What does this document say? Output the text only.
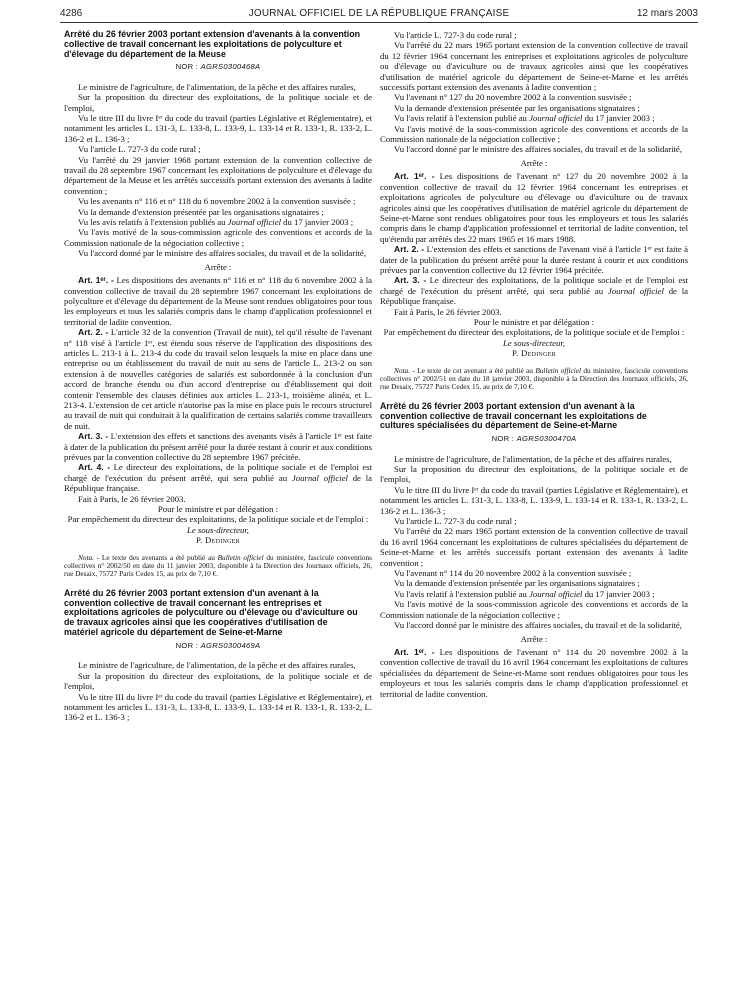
4286	JOURNAL OFFICIEL DE LA RÉPUBLIQUE FRANÇAISE	12 mars 2003
Arrêté du 26 février 2003 portant extension d'avenants à la convention collective de travail concernant les exploitations de polyculture et d'élevage du département de la Meuse
NOR : AGRS0300468A

Le ministre de l'agriculture, de l'alimentation, de la pêche et des affaires rurales,

Sur la proposition du directeur des exploitations, de la politique sociale et de l'emploi,

Vu le titre III du livre Iᵉʳ du code du travail (parties Législative et Réglementaire), et notamment les articles L. 131-3, L. 133-8, L. 133-9, L. 133-14 et R. 133-1, R. 133-2, L. 136-2 et L. 136-3 ;

Vu l'article L. 727-3 du code rural ;

Vu l'arrêté du 29 janvier 1968 portant extension de la convention collective de travail du 28 septembre 1967 concernant les exploitations de polyculture et d'élevage du département de la Meuse et les arrêtés successifs portant extension des avenants à ladite convention ;

Vu les avenants n° 116 et n° 118 du 6 novembre 2002 à la convention susvisée ;

Vu la demande d'extension présentée par les organisations signataires ;

Vu les avis relatifs à l'extension publiés au Journal officiel du 17 janvier 2003 ;

Vu l'avis motivé de la sous-commission agricole des conventions et accords de la Commission nationale de la négociation collective ;

Vu l'accord donné par le ministre des affaires sociales, du travail et de la solidarité,

Arrête :

Art. 1ᵉʳ. - Les dispositions des avenants n° 116 et n° 118 du 6 novembre 2002 à la convention collective de travail du 28 septembre 1967 concernant les exploitations de polyculture et d'élevage du département de la Meuse sont rendues obligatoires pour tous les employeurs et tous les salariés compris dans le champ d'application professionnel et territorial de ladite convention.

Art. 2. - L'article 32 de la convention (Travail de nuit), tel qu'il résulte de l'avenant n° 118 visé à l'article 1ᵉʳ, est étendu sous réserve de l'application des dispositions des articles L. 213-1 à L. 213-4 du code du travail selon lesquels la mise en place dans une entreprise ou un établissement du travail de nuit au sens de l'article L. 213-2 ou son extension à de nouvelles catégories de salariés est subordonnée à la conclusion d'un accord de branche étendu ou d'un accord d'entreprise ou d'établissement qui doit contenir l'ensemble des clauses définies aux articles L. 213-1, troisième alinéa, et L. 213-4. L'extension de cet article n'autorise pas la mise en place puis le recours structurel au travail de nuit qui conduirait à la qualification de certains salariés comme travailleurs de nuit.

Art. 3. - L'extension des effets et sanctions des avenants visés à l'article 1ᵉʳ est faite à dater de la publication du présent arrêté pour la durée restant à courir et aux conditions prévues par la convention collective du 28 septembre 1967 précitée.

Art. 4. - Le directeur des exploitations, de la politique sociale et de l'emploi est chargé de l'exécution du présent arrêté, qui sera publié au Journal officiel de la République française.

Fait à Paris, le 26 février 2003.

Pour le ministre et par délégation :

Par empêchement du directeur des exploitations, de la politique sociale et de l'emploi :

Le sous-directeur,

P. Dedinger

Nota. - Le texte des avenants a été publié au Bulletin officiel du ministère, fascicule conventions collectives n° 2002/50 en date du 11 janvier 2003, disponible à la Direction des Journaux officiels, 26, rue Desaix, 75727 Paris Cedex 15, au prix de 7,10 €.

Arrêté du 26 février 2003 portant extension d'un avenant à la convention collective de travail concernant les entreprises et exploitations agricoles de polyculture ou d'élevage ou d'aviculture ou de travaux agricoles ainsi que les coopératives d'utilisation de matériel agricole du département de Seine-et-Marne
NOR : AGRS0300469A

Le ministre de l'agriculture, de l'alimentation, de la pêche et des affaires rurales,

Sur la proposition du directeur des exploitations, de la politique sociale et de l'emploi,

Vu le titre III du livre Iᵉʳ du code du travail (parties Législative et Réglementaire), et notamment les articles L. 131-3, L. 133-8, L. 133-9, L. 133-14 et R. 133-1, R. 133-2, L. 136-2 et L. 136-3 ;

Vu l'article L. 727-3 du code rural ;

Vu l'arrêté du 22 mars 1965 portant extension de la convention collective de travail du 12 février 1964 concernant les entreprises et exploitations agricoles de polyculture ou d'élevage ou d'aviculture ou de travaux agricoles ainsi que les coopératives d'utilisation de matériel agricole du département de Seine-et-Marne et les arrêtés successifs portant extension des avenants à ladite convention ;

Vu l'avenant n° 127 du 20 novembre 2002 à la convention susvisée ;

Vu la demande d'extension présentée par les organisations signataires ;

Vu l'avis relatif à l'extension publié au Journal officiel du 17 janvier 2003 ;

Vu l'avis motivé de la sous-commission agricole des conventions et accords de la Commission nationale de la négociation collective ;

Vu l'accord donné par le ministre des affaires sociales, du travail et de la solidarité,

Arrête :

Art. 1ᵉʳ. - Les dispositions de l'avenant n° 127 du 20 novembre 2002 à la convention collective de travail du 12 février 1964 concernant les entreprises et exploitations agricoles de polyculture ou d'élevage ou d'aviculture ou de travaux agricoles ainsi que les coopératives d'utilisation de matériel agricole du département de Seine-et-Marne sont rendues obligatoires pour tous les employeurs et tous les salariés compris dans le champ d'application professionnel et territorial de ladite convention, tel qu'étendu par arrêtés des 22 mars 1965 et 16 mars 1988.

Art. 2. - L'extension des effets et sanctions de l'avenant visé à l'article 1ᵉʳ est faite à dater de la publication du présent arrêté pour la durée restant à courir et aux conditions prévues par la convention collective du 12 février 1964 précitée.

Art. 3. - Le directeur des exploitations, de la politique sociale et de l'emploi est chargé de l'exécution du présent arrêté, qui sera publié au Journal officiel de la République française.

Fait à Paris, le 26 février 2003.

Pour le ministre et par délégation :

Par empêchement du directeur des exploitations, de la politique sociale et de l'emploi :

Le sous-directeur,

P. Dedinger

Nota. - Le texte de cet avenant a été publié au Bulletin officiel du ministère, fascicule conventions collectives n° 2002/51 en date du 18 janvier 2003, disponible à la Direction des Journaux officiels, 26, rue Desaix, 75727 Paris Cedex 15, au prix de 7,10 €.

Arrêté du 26 février 2003 portant extension d'un avenant à la convention collective de travail concernant les exploitations de cultures spécialisées du département de Seine-et-Marne
NOR : AGRS0300470A

Le ministre de l'agriculture, de l'alimentation, de la pêche et des affaires rurales,

Sur la proposition du directeur des exploitations, de la politique sociale et de l'emploi,

Vu le titre III du livre Iᵉʳ du code du travail (parties Législative et Réglementaire), et notamment les articles L. 131-3, L. 133-8, L. 133-9, L. 133-14 et R. 133-1, R. 133-2, L. 136-2 et L. 136-3 ;

Vu l'article L. 727-3 du code rural ;

Vu l'arrêté du 22 mars 1965 portant extension de la convention collective de travail du 16 avril 1964 concernant les exploitations de cultures spécialisées du département de Seine-et-Marne et les arrêtés successifs portant extension des avenants à ladite convention ;

Vu l'avenant n° 114 du 20 novembre 2002 à la convention susvisée ;

Vu la demande d'extension présentée par les organisations signataires ;

Vu l'avis relatif à l'extension publié au Journal officiel du 17 janvier 2003 ;

Vu l'avis motivé de la sous-commission agricole des conventions et accords de la Commission nationale de la négociation collective ;

Vu l'accord donné par le ministre des affaires sociales, du travail et de la solidarité,

Arrête :

Art. 1ᵉʳ. - Les dispositions de l'avenant n° 114 du 20 novembre 2002 à la convention collective de travail du 16 avril 1964 concernant les exploitations de cultures spécialisées du département de Seine-et-Marne sont rendues obligatoires pour tous les employeurs et tous les salariés compris dans le champ d'application professionnel et territorial de ladite convention.
